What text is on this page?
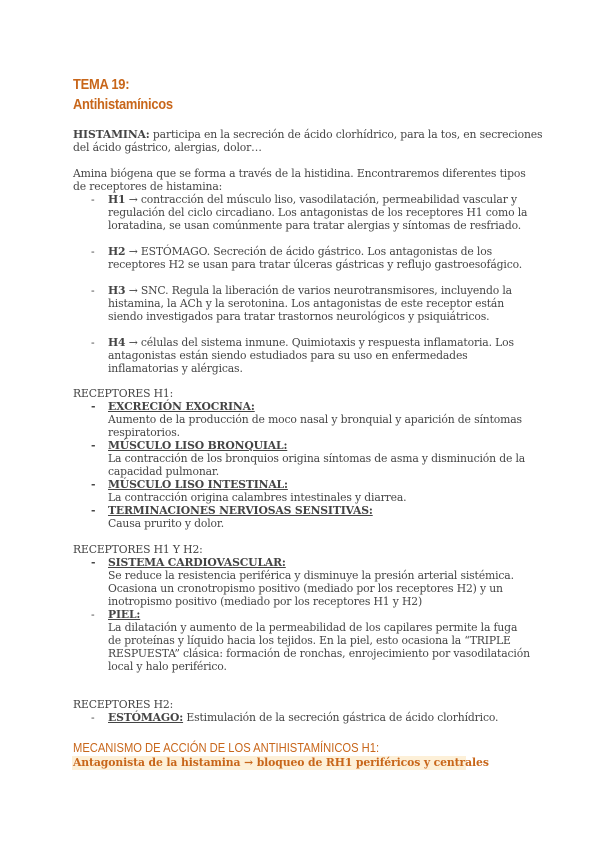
TEMA 19:
Antihistamínicos
HISTAMINA: participa en la secreción de ácido clorhídrico, para la tos, en secreciones
del ácido gástrico, alergias, dolor…
Amina biógena que se forma a través de la histidina. Encontraremos diferentes tipos
de receptores de histamina:
- H1 → contracción del músculo liso, vasodilatación, permeabilidad vascular y
regulación del ciclo circadiano. Los antagonistas de los receptores H1 como la
loratadina, se usan comúnmente para tratar alergias y síntomas de resfriado.
- H2 → ESTÓMAGO. Secreción de ácido gástrico. Los antagonistas de los
receptores H2 se usan para tratar úlceras gástricas y reflujo gastroesofágico.
- H3 → SNC. Regula la liberación de varios neurotransmisores, incluyendo la
histamina, la ACh y la serotonina. Los antagonistas de este receptor están
siendo investigados para tratar trastornos neurológicos y psiquiátricos.
- H4 → células del sistema inmune. Quimiotaxis y respuesta inflamatoria. Los
antagonistas están siendo estudiados para su uso en enfermedades
inflamatorias y alérgicas.
RECEPTORES H1:
- EXCRECIÓN EXOCRINA:
Aumento de la producción de moco nasal y bronquial y aparición de síntomas
respiratorios.
- MÚSCULO LISO BRONQUIAL:
La contracción de los bronquios origina síntomas de asma y disminución de la
capacidad pulmonar.
- MÚSCULO LISO INTESTINAL:
La contracción origina calambres intestinales y diarrea.
- TERMINACIONES NERVIOSAS SENSITIVAS:
Causa prurito y dolor.
RECEPTORES H1 Y H2:
- SISTEMA CARDIOVASCULAR:
Se reduce la resistencia periférica y disminuye la presión arterial sistémica.
Ocasiona un cronotropismo positivo (mediado por los receptores H2) y un
inotropismo positivo (mediado por los receptores H1 y H2)
- PIEL:
La dilatación y aumento de la permeabilidad de los capilares permite la fuga
de proteínas y líquido hacia los tejidos. En la piel, esto ocasiona la “TRIPLE
RESPUESTA” clásica: formación de ronchas, enrojecimiento por vasodilatación
local y halo periférico.
RECEPTORES H2:
- ESTÓMAGO: Estimulación de la secreción gástrica de ácido clorhídrico.
MECANISMO DE ACCIÓN DE LOS ANTIHISTAMÍNICOS H1:
Antagonista de la histamina → bloqueo de RH1 periféricos y centrales
